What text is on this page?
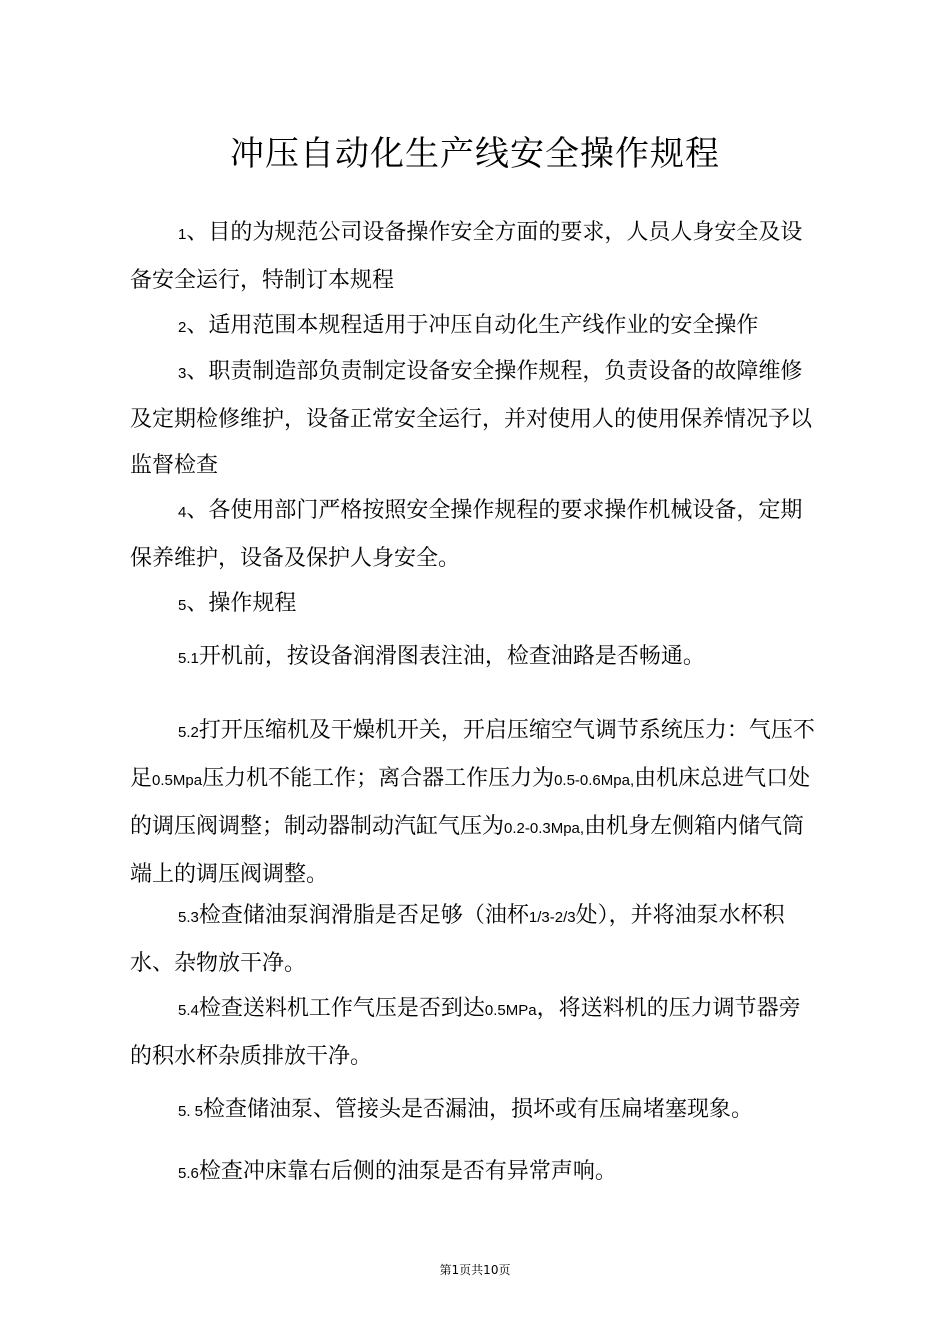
冲压自动化生产线安全操作规程

1、目的为规范公司设备操作安全方面的要求，人员人身安全及设备安全运行，特制订本规程

2、适用范围本规程适用于冲压自动化生产线作业的安全操作

3、职责制造部负责制定设备安全操作规程，负责设备的故障维修及定期检修维护，设备正常安全运行，并对使用人的使用保养情况予以监督检查

4、各使用部门严格按照安全操作规程的要求操作机械设备，定期保养维护，设备及保护人身安全。

5、操作规程

5.1开机前，按设备润滑图表注油，检查油路是否畅通。

5.2打开压缩机及干燥机开关，开启压缩空气调节系统压力：气压不足0.5Mpa压力机不能工作；离合器工作压力为0.5-0.6Mpa,由机床总进气口处的调压阀调整；制动器制动汽缸气压为0.2-0.3Mpa,由机身左侧箱内储气筒端上的调压阀调整。

5.3检查储油泵润滑脂是否足够（油杯1/3-2/3处），并将油泵水杯积水、杂物放干净。

5.4检查送料机工作气压是否到达0.5MPa，将送料机的压力调节器旁的积水杯杂质排放干净。

5. 5检查储油泵、管接头是否漏油，损坏或有压扁堵塞现象。

5.6检查冲床靠右后侧的油泵是否有异常声响。

第1页共10页
